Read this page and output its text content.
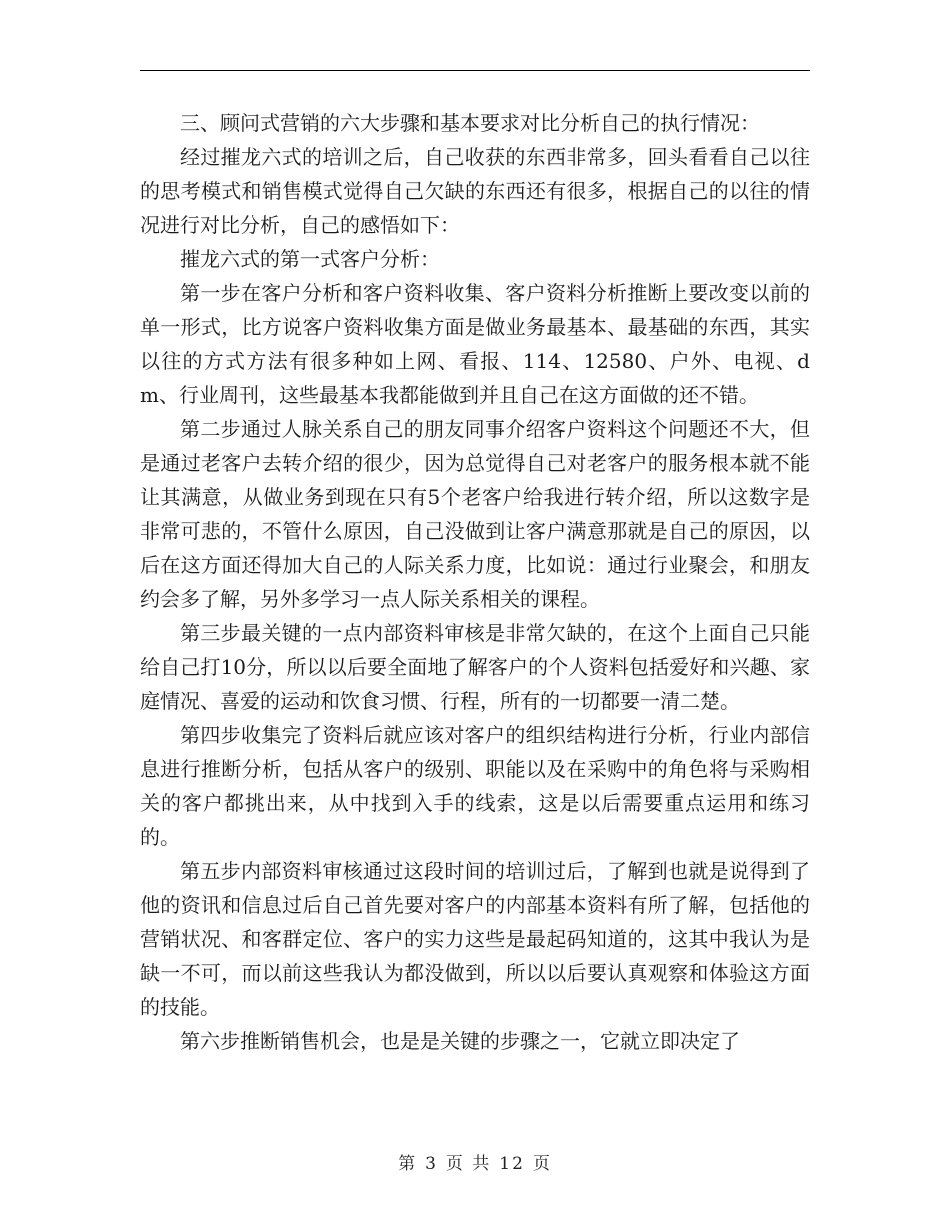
三、顾问式营销的六大步骤和基本要求对比分析自己的执行情况：

经过摧龙六式的培训之后，自己收获的东西非常多，回头看看自己以往的思考模式和销售模式觉得自己欠缺的东西还有很多，根据自己的以往的情况进行对比分析，自己的感悟如下：

摧龙六式的第一式客户分析：

第一步在客户分析和客户资料收集、客户资料分析推断上要改变以前的单一形式，比方说客户资料收集方面是做业务最基本、最基础的东西，其实以往的方式方法有很多种如上网、看报、114、12580、户外、电视、dm、行业周刊，这些最基本我都能做到并且自己在这方面做的还不错。

第二步通过人脉关系自己的朋友同事介绍客户资料这个问题还不大，但是通过老客户去转介绍的很少，因为总觉得自己对老客户的服务根本就不能让其满意，从做业务到现在只有5个老客户给我进行转介绍，所以这数字是非常可悲的，不管什么原因，自己没做到让客户满意那就是自己的原因，以后在这方面还得加大自己的人际关系力度，比如说：通过行业聚会，和朋友约会多了解，另外多学习一点人际关系相关的课程。

第三步最关键的一点内部资料审核是非常欠缺的，在这个上面自己只能给自己打10分，所以以后要全面地了解客户的个人资料包括爱好和兴趣、家庭情况、喜爱的运动和饮食习惯、行程，所有的一切都要一清二楚。

第四步收集完了资料后就应该对客户的组织结构进行分析，行业内部信息进行推断分析，包括从客户的级别、职能以及在采购中的角色将与采购相关的客户都挑出来，从中找到入手的线索，这是以后需要重点运用和练习的。

第五步内部资料审核通过这段时间的培训过后，了解到也就是说得到了他的资讯和信息过后自己首先要对客户的内部基本资料有所了解，包括他的营销状况、和客群定位、客户的实力这些是最起码知道的，这其中我认为是缺一不可，而以前这些我认为都没做到，所以以后要认真观察和体验这方面的技能。

第六步推断销售机会，也是是关键的步骤之一，它就立即决定了

第 3 页 共 12 页
